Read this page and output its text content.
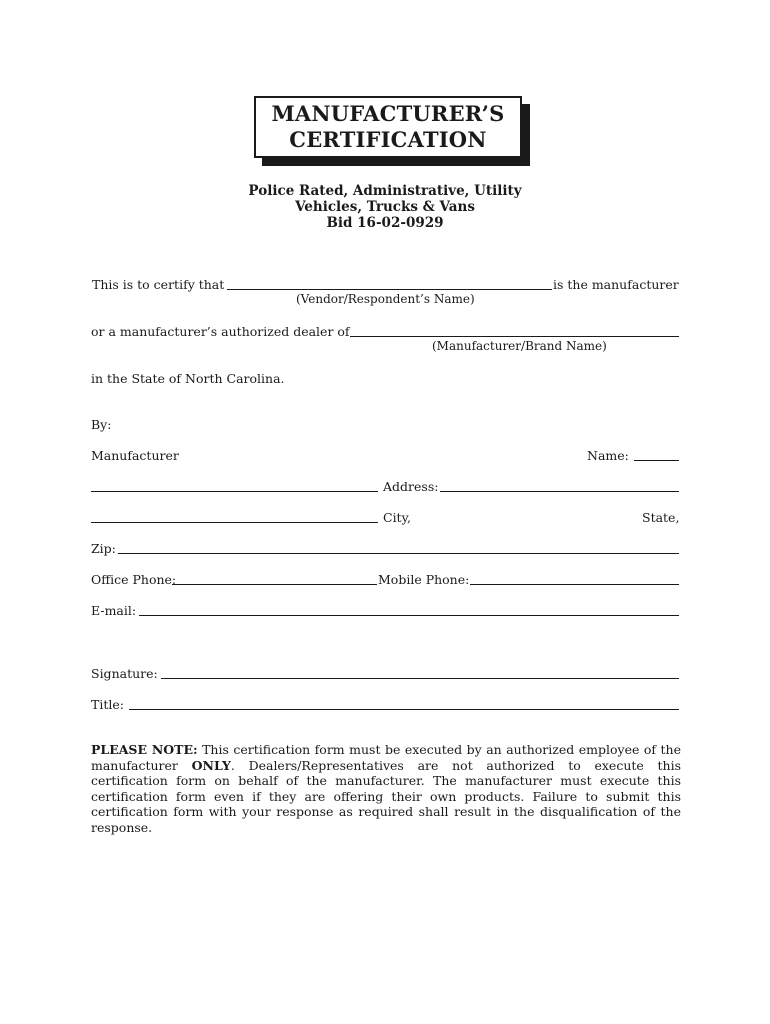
MANUFACTURER’S
CERTIFICATION
Police Rated, Administrative, Utility
Vehicles, Trucks & Vans
Bid 16-02-0929
This is to certify that	is the manufacturer
(Vendor/Respondent’s Name)
or a manufacturer’s authorized dealer of
(Manufacturer/Brand Name)
in the State of North Carolina.
By:
Manufacturer	Name:
Address:
City,	State,
Zip:
Office Phone:	Mobile Phone:
E-mail:
Signature:
Title:
PLEASE NOTE: This certification form must be executed by an authorized employee of the manufacturer ONLY. Dealers/Representatives are not authorized to execute this certification form on behalf of the manufacturer. The manufacturer must execute this certification form even if they are offering their own products. Failure to submit this certification form with your response as required shall result in the disqualification of the response.
